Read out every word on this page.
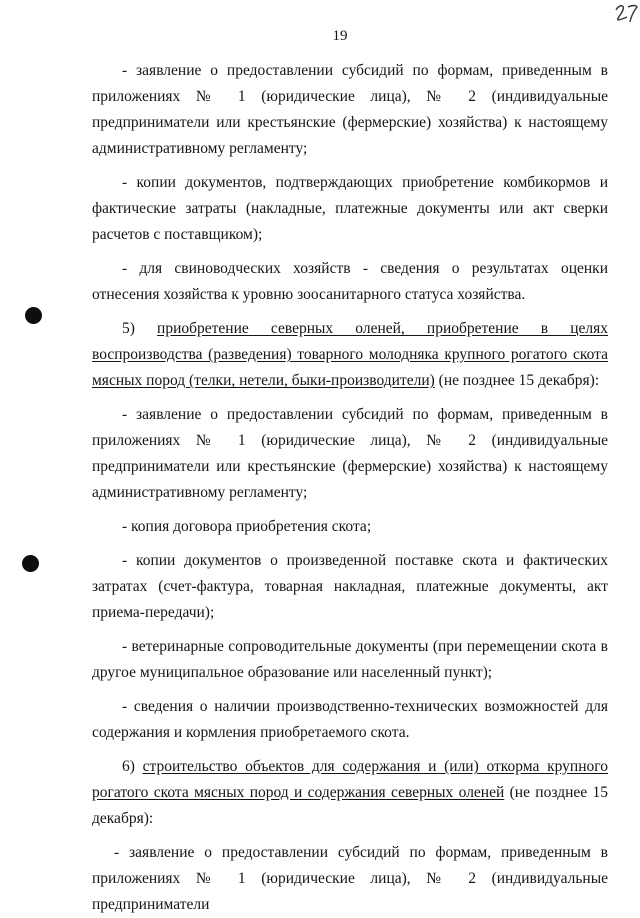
19

- заявление о предоставлении субсидий по формам, приведенным в приложениях № 1 (юридические лица), № 2 (индивидуальные предприниматели или крестьянские (фермерские) хозяйства) к настоящему административному регламенту;

- копии документов, подтверждающих приобретение комбикормов и фактические затраты (накладные, платежные документы или акт сверки расчетов с поставщиком);

- для свиноводческих хозяйств - сведения о результатах оценки отнесения хозяйства к уровню зоосанитарного статуса хозяйства.

5) приобретение северных оленей, приобретение в целях воспроизводства (разведения) товарного молодняка крупного рогатого скота мясных пород (телки, нетели, быки-производители) (не позднее 15 декабря):

- заявление о предоставлении субсидий по формам, приведенным в приложениях № 1 (юридические лица), № 2 (индивидуальные предприниматели или крестьянские (фермерские) хозяйства) к настоящему административному регламенту;

- копия договора приобретения скота;

- копии документов о произведенной поставке скота и фактических затратах (счет-фактура, товарная накладная, платежные документы, акт приема-передачи);

- ветеринарные сопроводительные документы (при перемещении скота в другое муниципальное образование или населенный пункт);

- сведения о наличии производственно-технических возможностей для содержания и кормления приобретаемого скота.

6) строительство объектов для содержания и (или) откорма крупного рогатого скота мясных пород и содержания северных оленей (не позднее 15 декабря):

- заявление о предоставлении субсидий по формам, приведенным в приложениях № 1 (юридические лица), № 2 (индивидуальные предприниматели
